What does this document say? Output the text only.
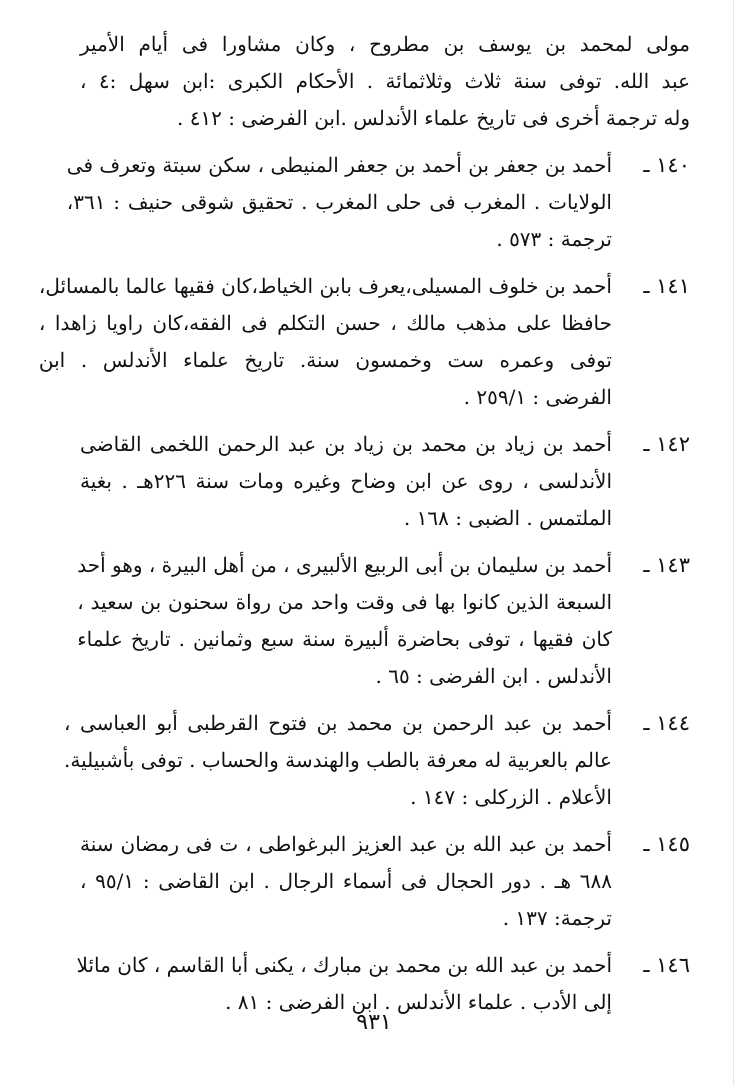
مولى لمحمد بن يوسف بن مطروح ، وكان مشاورا فى أيام الأمير
عبد الله. توفى سنة ثلاث وثلاثمائة . الأحكام الكبرى :ابن سهل :٤ ،
وله ترجمة أخرى فى تاريخ علماء الأندلس .ابن الفرضى : ٤١٢ .
١٤٠ ـ
أحمد بن جعفر بن أحمد بن جعفر المنيطى ، سكن سبتة وتعرف فى
الولايات . المغرب فى حلى المغرب . تحقيق شوقى حنيف : ٣٦١،
ترجمة : ٥٧٣ .
١٤١ ـ
أحمد بن خلوف المسيلى،يعرف بابن الخياط،كان فقيها عالما بالمسائل،
حافظا على مذهب مالك ، حسن التكلم فى الفقه،كان راويا زاهدا ،
توفى وعمره ست وخمسون سنة. تاريخ علماء الأندلس . ابن
الفرضى : ٢٥٩/١ .
١٤٢ ـ
أحمد بن زياد بن محمد بن زياد بن عبد الرحمن اللخمى القاضى
الأندلسى ، روى عن ابن وضاح وغيره ومات سنة ٢٢٦هـ . بغية
الملتمس . الضبى : ١٦٨ .
١٤٣ ـ
أحمد بن سليمان بن أبى الربيع الألبيرى ، من أهل البيرة ، وهو أحد
السبعة الذين كانوا بها فى وقت واحد من رواة سحنون بن سعيد ،
كان فقيها ، توفى بحاضرة ألبيرة سنة سبع وثمانين . تاريخ علماء
الأندلس . ابن الفرضى : ٦٥ .
١٤٤ ـ
أحمد بن عبد الرحمن بن محمد بن فتوح القرطبى أبو العباسى ،
عالم بالعربية له معرفة بالطب والهندسة والحساب . توفى بأشبيلية.
الأعلام . الزركلى : ١٤٧ .
١٤٥ ـ
أحمد بن عبد الله بن عبد العزيز البرغواطى ، ت فى رمضان سنة
٦٨٨ هـ . دور الحجال فى أسماء الرجال . ابن القاضى : ٩٥/١ ،
ترجمة: ١٣٧ .
١٤٦ ـ
أحمد بن عبد الله بن محمد بن مبارك ، يكنى أبا القاسم ، كان مائلا
إلى الأدب . علماء الأندلس . ابن الفرضى : ٨١ .
٩٣١
